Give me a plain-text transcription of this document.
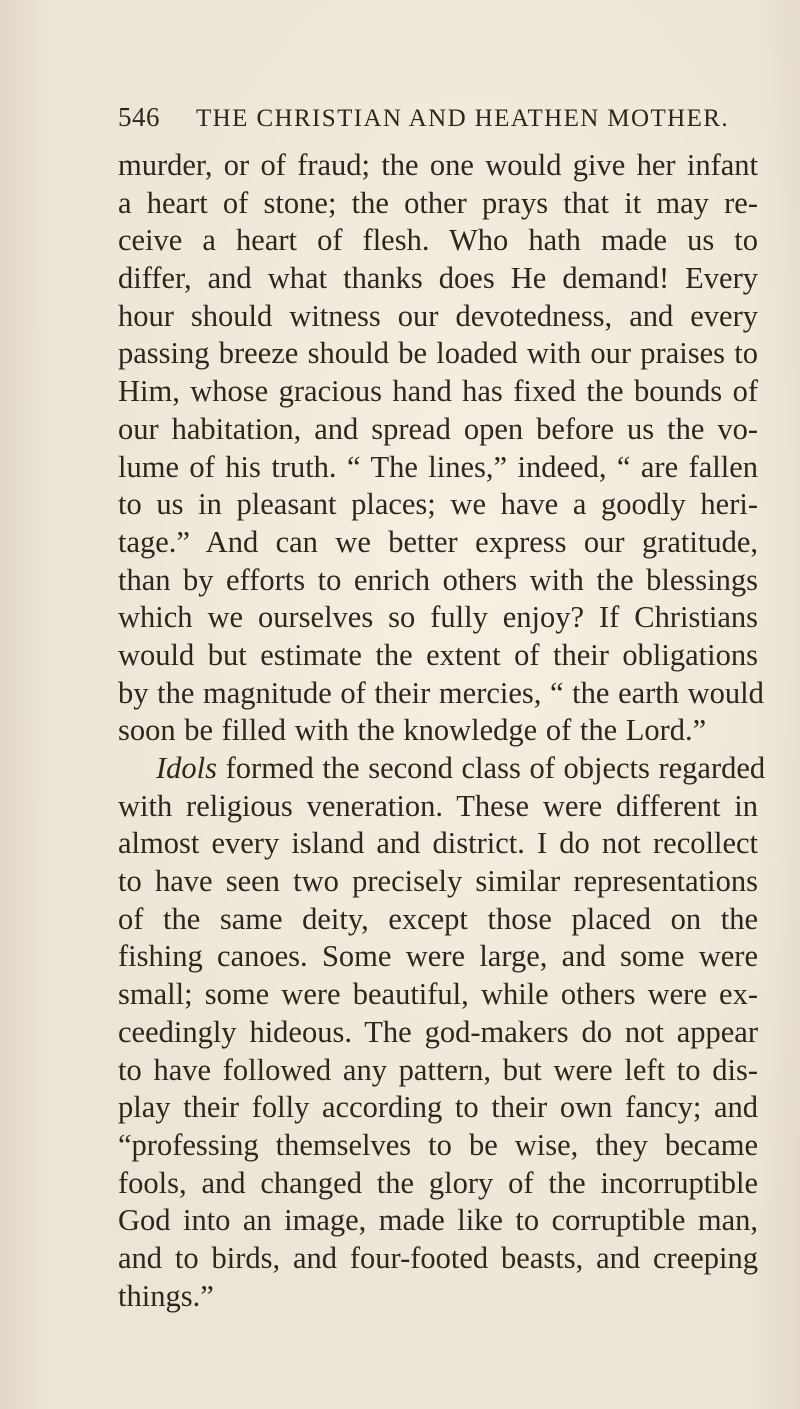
546 THE CHRISTIAN AND HEATHEN MOTHER.
murder, or of fraud; the one would give her infant
a heart of stone; the other prays that it may re-
ceive a heart of flesh. Who hath made us to
differ, and what thanks does He demand! Every
hour should witness our devotedness, and every
passing breeze should be loaded with our praises to
Him, whose gracious hand has fixed the bounds of
our habitation, and spread open before us the vo-
lume of his truth. “ The lines,” indeed, “ are fallen
to us in pleasant places; we have a goodly heri-
tage.” And can we better express our gratitude,
than by efforts to enrich others with the blessings
which we ourselves so fully enjoy? If Christians
would but estimate the extent of their obligations
by the magnitude of their mercies, “ the earth would
soon be filled with the knowledge of the Lord.”
Idols formed the second class of objects regarded
with religious veneration. These were different in
almost every island and district. I do not recollect
to have seen two precisely similar representations
of the same deity, except those placed on the
fishing canoes. Some were large, and some were
small; some were beautiful, while others were ex-
ceedingly hideous. The god-makers do not appear
to have followed any pattern, but were left to dis-
play their folly according to their own fancy; and
“professing themselves to be wise, they became
fools, and changed the glory of the incorruptible
God into an image, made like to corruptible man,
and to birds, and four-footed beasts, and creeping
things.”
